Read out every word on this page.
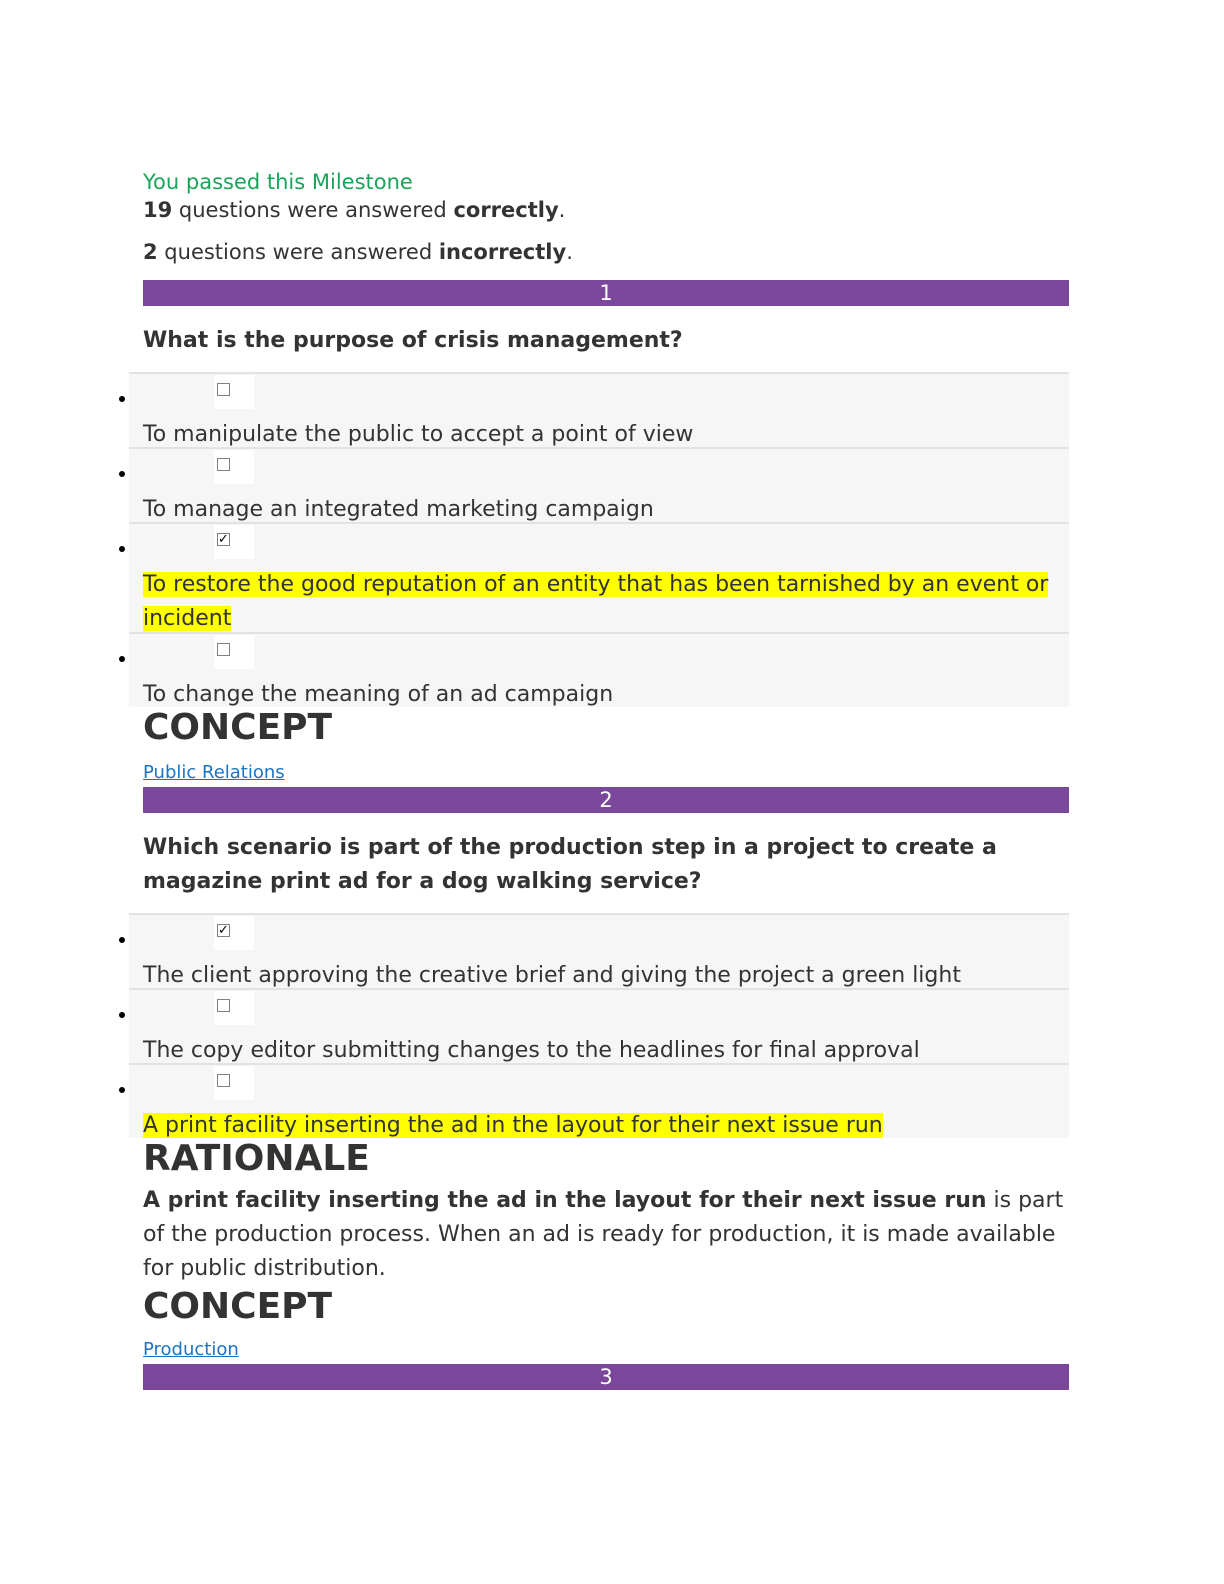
You passed this Milestone

19 questions were answered correctly.

2 questions were answered incorrectly.

1
What is the purpose of crisis management?
To manipulate the public to accept a point of view
To manage an integrated marketing campaign
✓
To restore the good reputation of an entity that has been tarnished by an event or incident
To change the meaning of an ad campaign
CONCEPT
Public Relations
2
Which scenario is part of the production step in a project to create a magazine print ad for a dog walking service?
✓
The client approving the creative brief and giving the project a green light
The copy editor submitting changes to the headlines for final approval
A print facility inserting the ad in the layout for their next issue run
RATIONALE

A print facility inserting the ad in the layout for their next issue run is part of the production process. When an ad is ready for production, it is made available for public distribution.

CONCEPT
Production
3
